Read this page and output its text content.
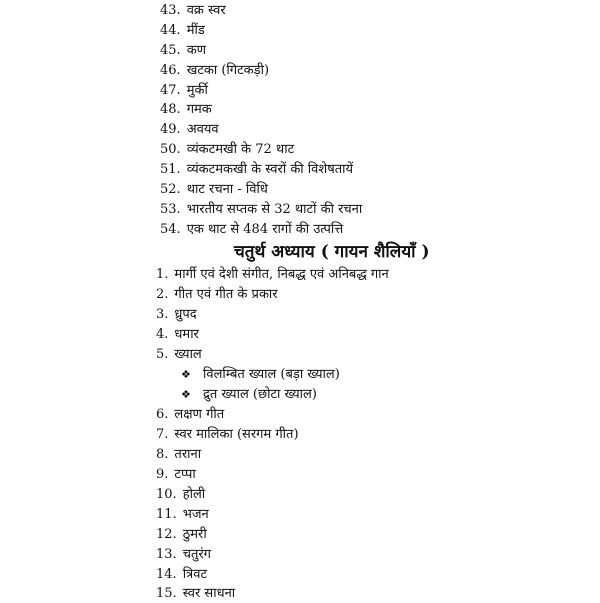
43 . वक्र स्वर
44 . मींड
45 . कण
46 . खटका (गिटकड़ी)
47 . मुर्की
48 . गमक
49 . अवयव
50 . व्यंकटमखी के 72 थाट
51 . व्यंकटमकखी के स्वरों की विशेषतायें
52 . थाट रचना - विधि
53 . भारतीय सप्तक से 32 थाटों की रचना
54 . एक थाट से 484 रागों की उत्पत्ति
चतुर्थ अध्याय ( गायन शैलियाँ )
1 . मार्गी एवं देशी संगीत, निबद्ध एवं अनिबद्ध गान
2 . गीत एवं गीत के प्रकार
3 . ध्रुपद
4 . धमार
5 . ख्याल
❖ विलम्बित ख्याल (बड़ा ख्याल)
❖ द्रुत ख्याल (छोटा ख्याल)
6 . लक्षण गीत
7 . स्वर मालिका (सरगम गीत)
8 . तराना
9 . टप्पा
10 . होली
11 . भजन
12 . ठुमरी
13 . चतुरंग
14 . त्रिवट
15 . स्वर साधना
